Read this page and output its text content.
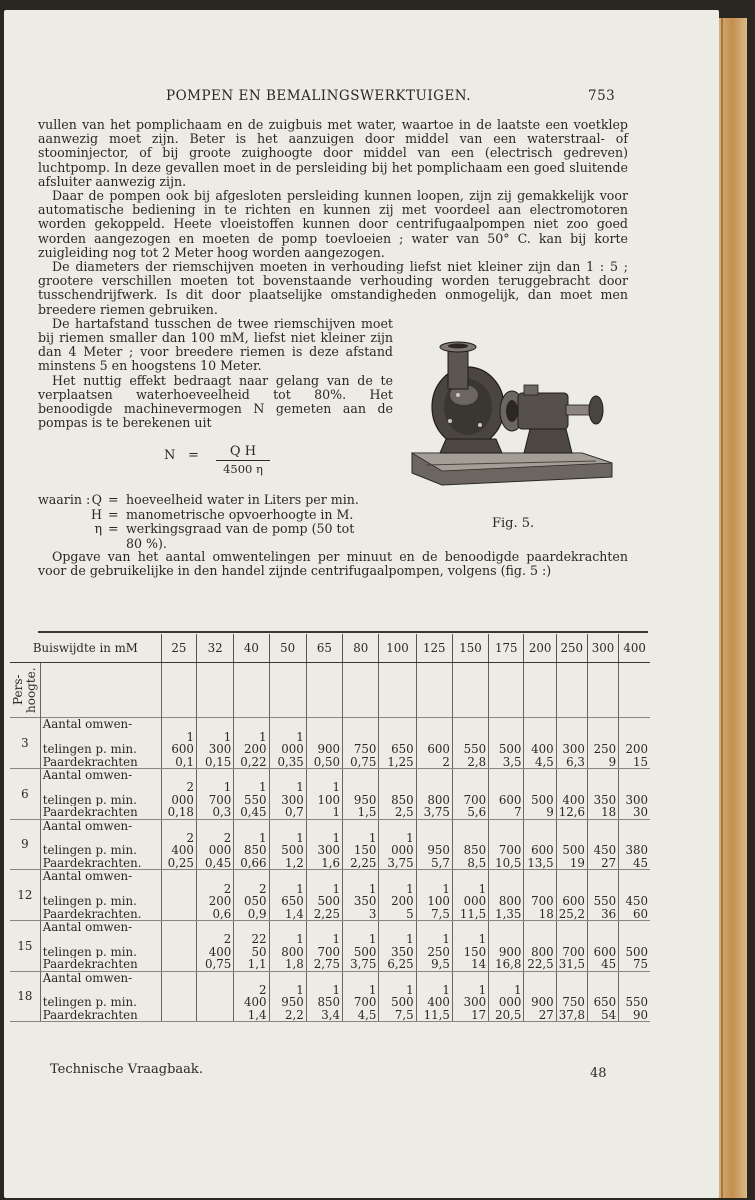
POMPEN EN BEMALINGSWERKTUIGEN.	753

vullen van het pomplichaam en de zuigbuis met water, waartoe in de laatste een voetklep aanwezig moet zijn. Beter is het aanzuigen door middel van een waterstraal- of stoominjector, of bij groote zuighoogte door middel van een (electrisch gedreven) luchtpomp. In deze gevallen moet in de persleiding bij het pomplichaam een goed sluitende afsluiter aanwezig zijn.

Daar de pompen ook bij afgesloten persleiding kunnen loopen, zijn zij gemakkelijk voor automatische bediening in te richten en kunnen zij met voordeel aan electromotoren worden gekoppeld. Heete vloeistoffen kunnen door centrifugaalpompen niet zoo goed worden aangezogen en moeten de pomp toevloeien ; water van 50° C. kan bij korte zuigleiding nog tot 2 Meter hoog worden aangezogen.

De diameters der riemschijven moeten in verhouding liefst niet kleiner zijn dan 1 : 5 ; grootere verschillen moeten tot bovenstaande verhouding worden teruggebracht door tusschendrijfwerk. Is dit door plaatselijke omstandigheden onmogelijk, dan moet men breedere riemen gebruiken.

De hartafstand tusschen de twee riemschijven moet bij riemen smaller dan 100 mM, liefst niet kleiner zijn dan 4 Meter ; voor breedere riemen is deze afstand minstens 5 en hoogstens 10 Meter.

Het nuttig effekt bedraagt naar gelang van de te verplaatsen waterhoeveelheid tot 80%. Het benoodigde machinevermogen N gemeten aan de pompas is te berekenen uit

$N = \frac{\text{Q H}}{4500 \eta}$
waarin : Q = hoeveelheid water in Liters per min.
H = manometrische opvoerhoogte in M.
η = werkingsgraad van de pomp (50 tot
80 %).
Fig. 5.

Opgave van het aantal omwentelingen per minuut en de benoodigde paardekrachten voor de gebruikelijke in den handel zijnde centrifugaalpompen, volgens (fig. 5 :)

Buiswijdte in mM		25	32	40	50	65	80	100	125	150	175	200	250	300	400
Pers-hoogte.															
3	Aantal omwen-														
	telingen p. min.	1 600	1 300	1 200	1 000	900	750	650	600	550	500	400	300	250	200
	Paardekrachten	0,1	0,15	0,22	0,35	0,50	0,75	1,25	2	2,8	3,5	4,5	6,3	9	15
6	Aantal omwen-														
	telingen p. min.	2 000	1 700	1 550	1 300	1 100	950	850	800	700	600	500	400	350	300
	Paardekrachten	0,18	0,3	0,45	0,7	1	1,5	2,5	3,75	5,6	7	9	12,6	18	30
9	Aantal omwen-														
	telingen p. min.	2 400	2 000	1 850	1 500	1 300	1 150	1 000	950	850	700	600	500	450	380
	Paardekrachten.	0,25	0,45	0,66	1,2	1,6	2,25	3,75	5,7	8,5	10,5	13,5	19	27	45
12	Aantal omwen-														
	telingen p. min.		2 200	2 050	1 650	1 500	1 350	1 200	1 100	1 000	800	700	600	550	450
	Paardekrachten.		0,6	0,9	1,4	2,25	3	5	7,5	11,5	1,35	18	25,2	36	60
15	Aantal omwen-														
	telingen p. min.		2 400	22 50	1 800	1 700	1 500	1 350	1 250	1 150	900	800	700	600	500
	Paardekrachten		0,75	1,1	1,8	2,75	3,75	6,25	9,5	14	16,8	22,5	31,5	45	75
18	Aantal omwen-														
	telingen p. min.			2 400	1 950	1 850	1 700	1 500	1 400	1 300	1 000	900	750	650	550
	Paardekrachten			1,4	2,2	3,4	4,5	7,5	11,5	17	20,5	27	37,8	54	90
Technische Vraagbaak.	48
